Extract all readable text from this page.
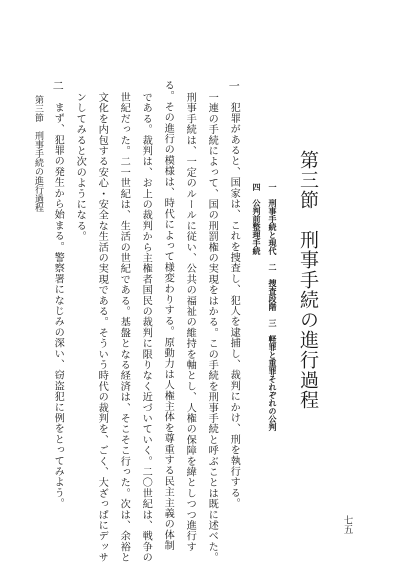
第三節　刑事手続の進行過程
一　刑事手続と現代　二　捜査段階　三　軽罪と重罪それぞれの公判
四　公判前整理手続
一　犯罪があると、国家は、これを捜査し、犯人を逮捕し、裁判にかけ、刑を執行する。
一連の手続によって、国の刑罰権の実現をはかる。この手続を刑事手続と呼ぶことは既に述べた。
刑事手続は、一定のルールに従い、公共の福祉の維持を軸とし、人権の保障を緯としつつ進行す
る。その進行の模様は、時代によって様変わりする。原動力は人権主体を尊重する民主主義の体制
である。裁判は、お上の裁判から主権者国民の裁判に限りなく近づいていく。二〇世紀は、戦争の
世紀だった。二一世紀は、生活の世紀である。基盤となる経済は、そこそこ行った。次は、余裕と
文化を内包する安心・安全な生活の実現である。そういう時代の裁判を、ごく、大ざっぱにデッサ
ンしてみると次のようになる。
二　まず、犯罪の発生から始まる。警察署になじみの深い、窃盗犯に例をとってみよう。
第三節　刑事手続の進行過程
七五
